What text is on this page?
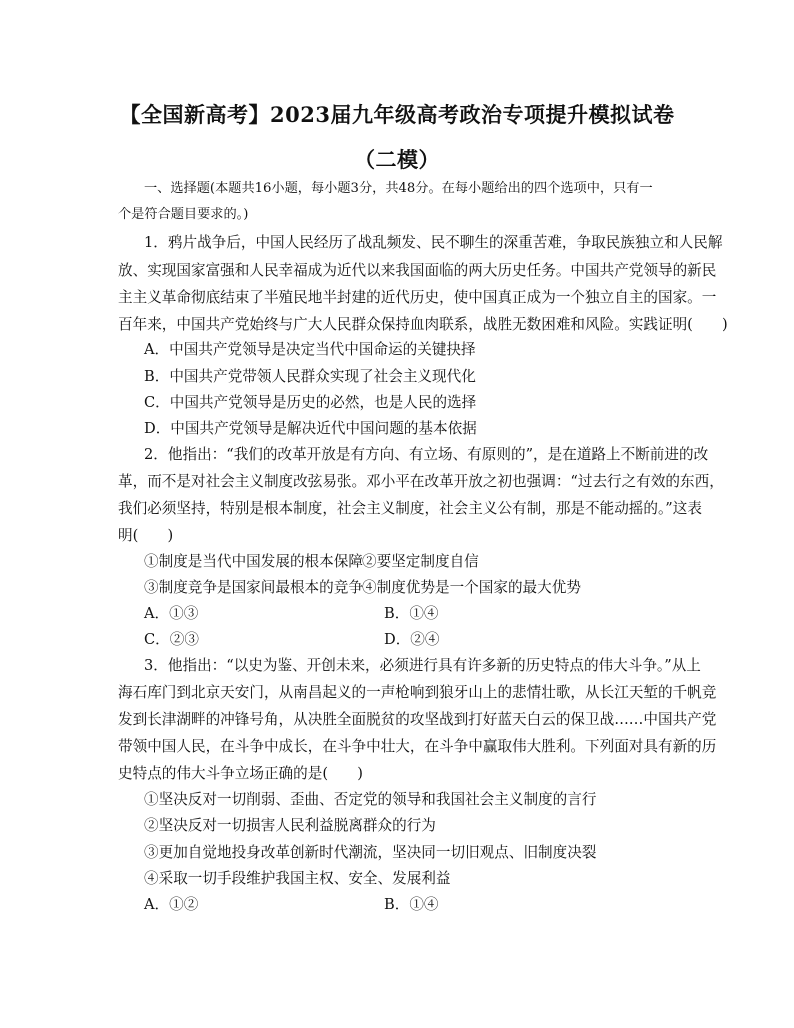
【全国新高考】2023届九年级高考政治专项提升模拟试卷
（二模）
一、选择题(本题共16小题，每小题3分，共48分。在每小题给出的四个选项中，只有一
个是符合题目要求的。)
1．鸦片战争后，中国人民经历了战乱频发、民不聊生的深重苦难，争取民族独立和人民解
放、实现国家富强和人民幸福成为近代以来我国面临的两大历史任务。中国共产党领导的新民
主主义革命彻底结束了半殖民地半封建的近代历史，使中国真正成为一个独立自主的国家。一
百年来，中国共产党始终与广大人民群众保持血肉联系，战胜无数困难和风险。实践证明(　　)
A．中国共产党领导是决定当代中国命运的关键抉择
B．中国共产党带领人民群众实现了社会主义现代化
C．中国共产党领导是历史的必然，也是人民的选择
D．中国共产党领导是解决近代中国问题的基本依据
2．他指出：“我们的改革开放是有方向、有立场、有原则的”，是在道路上不断前进的改
革，而不是对社会主义制度改弦易张。邓小平在改革开放之初也强调：“过去行之有效的东西，
我们必须坚持，特别是根本制度，社会主义制度，社会主义公有制，那是不能动摇的。”这表
明(　　)
①制度是当代中国发展的根本保障 ②要坚定制度自信
③制度竞争是国家间最根本的竞争 ④制度优势是一个国家的最大优势
A．①③	B．①④
C．②③	D．②④
3．他指出：“以史为鉴、开创未来，必须进行具有许多新的历史特点的伟大斗争。”从上
海石库门到北京天安门，从南昌起义的一声枪响到狼牙山上的悲情壮歌，从长江天堑的千帆竞
发到长津湖畔的冲锋号角，从决胜全面脱贫的攻坚战到打好蓝天白云的保卫战……中国共产党
带领中国人民，在斗争中成长，在斗争中壮大，在斗争中赢取伟大胜利。下列面对具有新的历
史特点的伟大斗争立场正确的是(　　)
①坚决反对一切削弱、歪曲、否定党的领导和我国社会主义制度的言行
②坚决反对一切损害人民利益脱离群众的行为
③更加自觉地投身改革创新时代潮流，坚决同一切旧观点、旧制度决裂
④采取一切手段维护我国主权、安全、发展利益
A．①②	B．①④
